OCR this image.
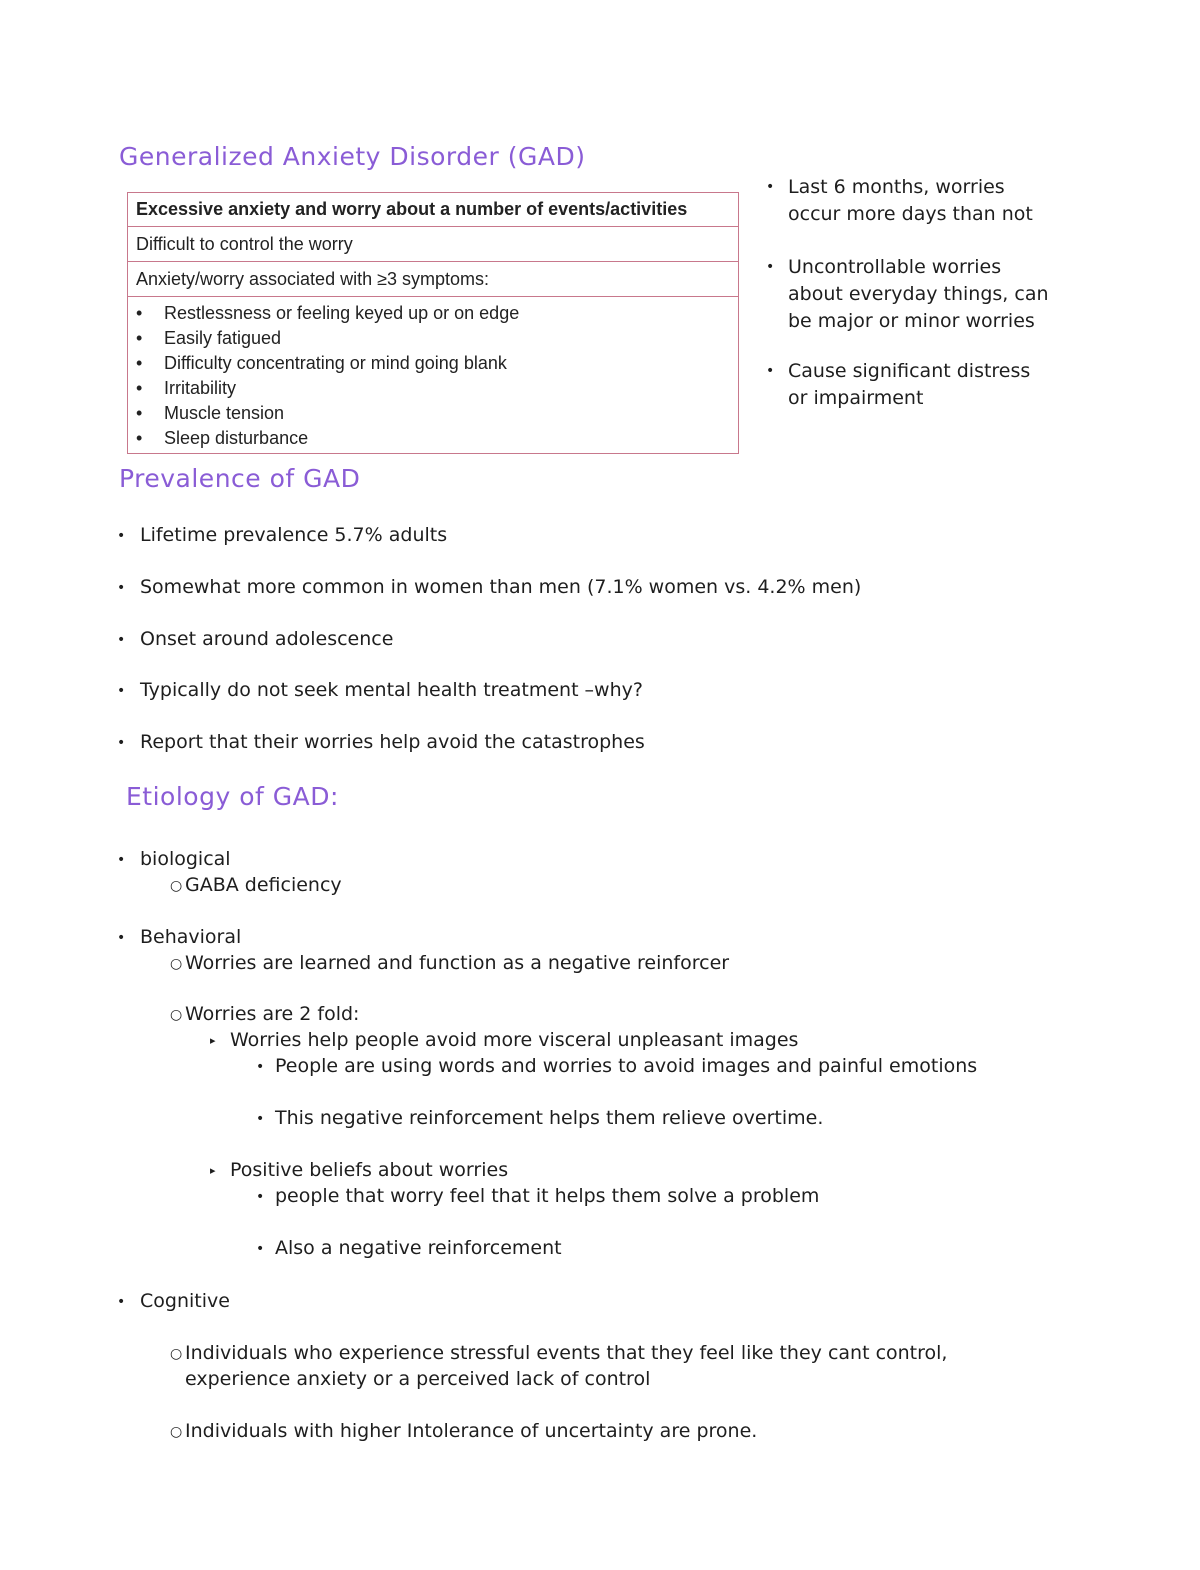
Generalized Anxiety Disorder (GAD)
Excessive anxiety and worry about a number of events/activities
Difficult to control the worry
Anxiety/worry associated with ≥3 symptoms:
•	Restlessness or feeling keyed up or on edge
•	Easily fatigued
•	Difficulty concentrating or mind going blank
•	Irritability
•	Muscle tension
•	Sleep disturbance
• Last 6 months, worries
occur more days than not
• Uncontrollable worries
about everyday things, can
be major or minor worries
• Cause significant distress
or impairment
Prevalence of GAD
• Lifetime prevalence 5.7% adults
• Somewhat more common in women than men (7.1% women vs. 4.2% men)
• Onset around adolescence
• Typically do not seek mental health treatment –why?
• Report that their worries help avoid the catastrophes
Etiology of GAD:
• biological
○ GABA deficiency
• Behavioral
○ Worries are learned and function as a negative reinforcer
○ Worries are 2 fold:
▸ Worries help people avoid more visceral unpleasant images
• People are using words and worries to avoid images and painful emotions
• This negative reinforcement helps them relieve overtime.
▸ Positive beliefs about worries
• people that worry feel that it helps them solve a problem
• Also a negative reinforcement
• Cognitive
○ Individuals who experience stressful events that they feel like they cant control,
experience anxiety or a perceived lack of control
○ Individuals with higher Intolerance of uncertainty are prone.
